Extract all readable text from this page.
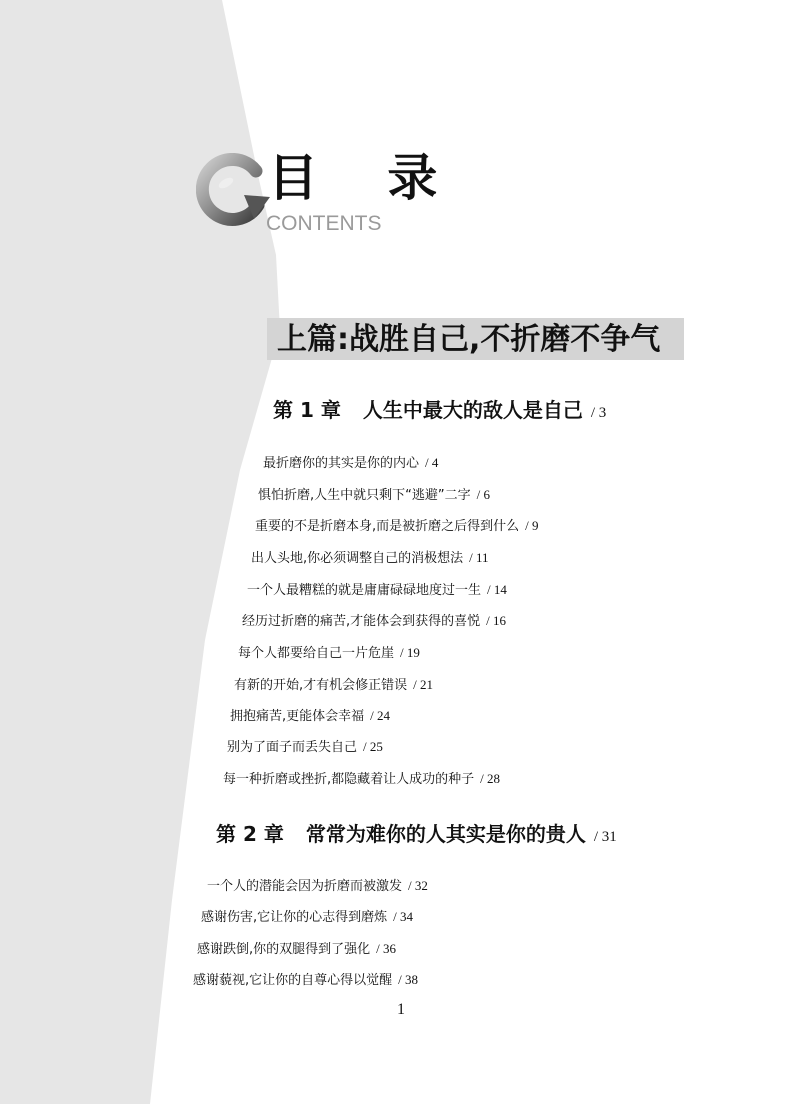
目 录
CONTENTS
上篇:战胜自己,不折磨不争气
第 1 章 人生中最大的敌人是自己 / 3
最折磨你的其实是你的内心 / 4
惧怕折磨,人生中就只剩下“逃避”二字 / 6
重要的不是折磨本身,而是被折磨之后得到什么 / 9
出人头地,你必须调整自己的消极想法 / 11
一个人最糟糕的就是庸庸碌碌地度过一生 / 14
经历过折磨的痛苦,才能体会到获得的喜悦 / 16
每个人都要给自己一片危崖 / 19
有新的开始,才有机会修正错误 / 21
拥抱痛苦,更能体会幸福 / 24
别为了面子而丢失自己 / 25
每一种折磨或挫折,都隐藏着让人成功的种子 / 28
第 2 章 常常为难你的人其实是你的贵人 / 31
一个人的潜能会因为折磨而被激发 / 32
感谢伤害,它让你的心志得到磨炼 / 34
感谢跌倒,你的双腿得到了强化 / 36
感谢藐视,它让你的自尊心得以觉醒 / 38
1
